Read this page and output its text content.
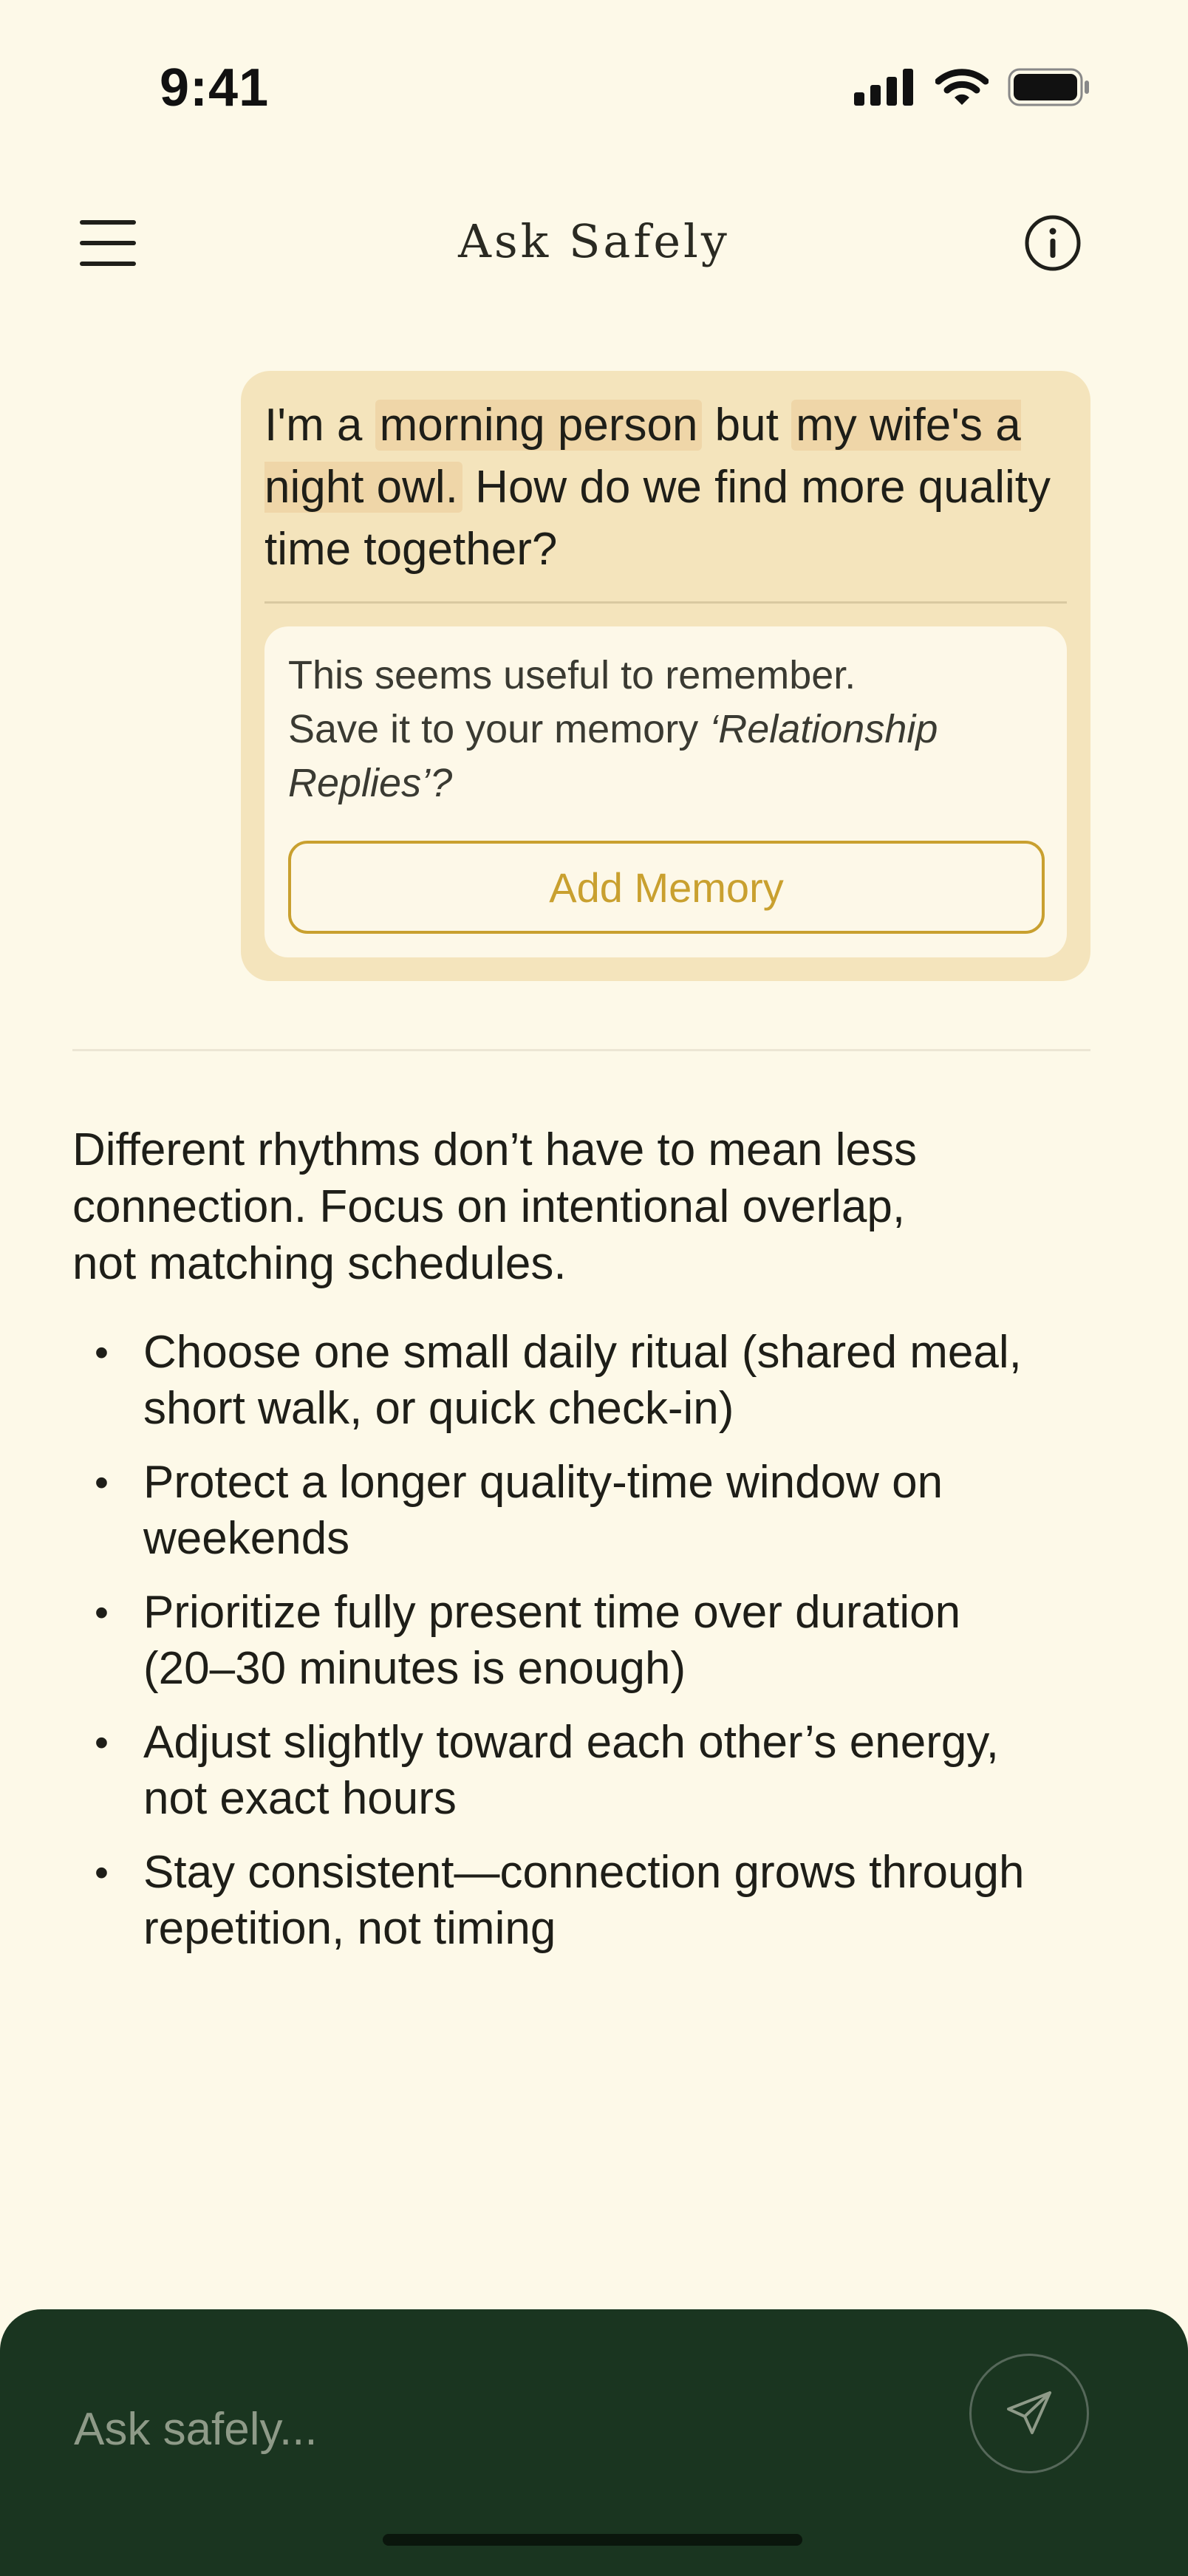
9:41
Ask Safely
I'm a morning person but my wife's a night owl. How do we find more quality time together?
This seems useful to remember.
Save it to your memory ‘Relationship Replies’?
Add Memory

Different rhythms don’t have to mean less connection. Focus on intentional overlap, not matching schedules.

• Choose one small daily ritual (shared meal, short walk, or quick check-in)
• Protect a longer quality-time window on weekends
• Prioritize fully present time over duration (20–30 minutes is enough)
• Adjust slightly toward each other’s energy, not exact hours
• Stay consistent—connection grows through repetition, not timing
Ask safely...
